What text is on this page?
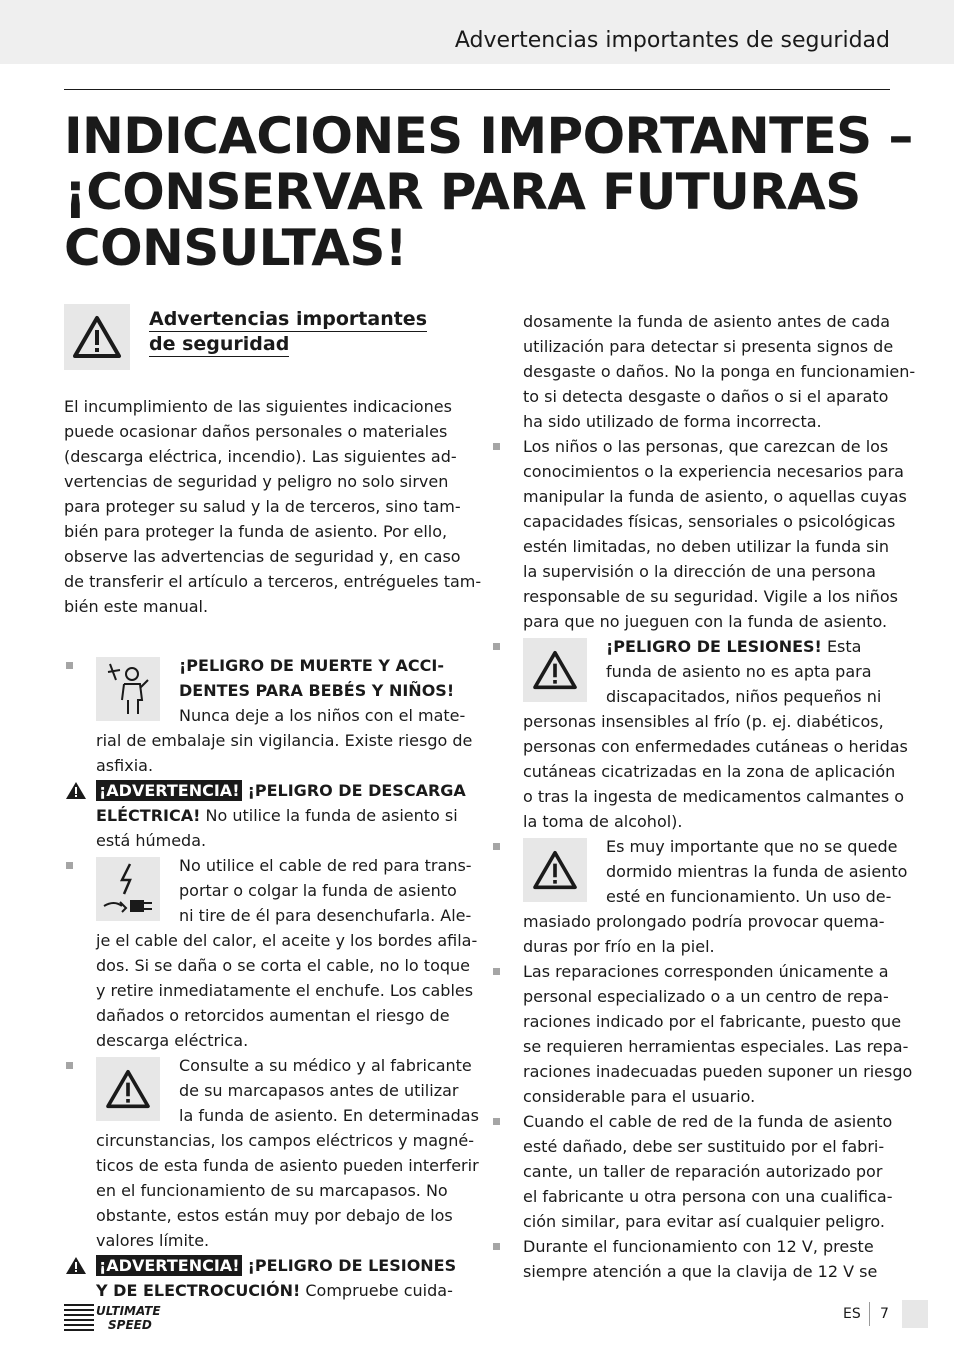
Advertencias importantes de seguridad
INDICACIONES IMPORTANTES –
¡CONSERVAR PARA FUTURAS
CONSULTAS!
Advertencias importantes
de seguridad
El incumplimiento de las siguientes indicaciones
puede ocasionar daños personales o materiales
(descarga eléctrica, incendio). Las siguientes ad-
vertencias de seguridad y peligro no solo sirven
para proteger su salud y la de terceros, sino tam-
bién para proteger la funda de asiento. Por ello,
observe las advertencias de seguridad y, en caso
de transferir el artículo a terceros, entrégueles tam-
bién este manual.
¡PELIGRO DE MUERTE Y ACCI-
DENTES PARA BEBÉS Y NIÑOS!
Nunca deje a los niños con el mate-
rial de embalaje sin vigilancia. Existe riesgo de
asfixia.
¡ADVERTENCIA! ¡PELIGRO DE DESCARGA
ELÉCTRICA! No utilice la funda de asiento si
está húmeda.
No utilice el cable de red para trans-
portar o colgar la funda de asiento
ni tire de él para desenchufarla. Ale-
je el cable del calor, el aceite y los bordes afila-
dos. Si se daña o se corta el cable, no lo toque
y retire inmediatamente el enchufe. Los cables
dañados o retorcidos aumentan el riesgo de
descarga eléctrica.
Consulte a su médico y al fabricante
de su marcapasos antes de utilizar
la funda de asiento. En determinadas
circunstancias, los campos eléctricos y magné-
ticos de esta funda de asiento pueden interferir
en el funcionamiento de su marcapasos. No
obstante, estos están muy por debajo de los
valores límite.
¡ADVERTENCIA! ¡PELIGRO DE LESIONES
Y DE ELECTROCUCIÓN! Compruebe cuida-
dosamente la funda de asiento antes de cada
utilización para detectar si presenta signos de
desgaste o daños. No la ponga en funcionamien-
to si detecta desgaste o daños o si el aparato
ha sido utilizado de forma incorrecta.
Los niños o las personas, que carezcan de los
conocimientos o la experiencia necesarios para
manipular la funda de asiento, o aquellas cuyas
capacidades físicas, sensoriales o psicológicas
estén limitadas, no deben utilizar la funda sin
la supervisión o la dirección de una persona
responsable de su seguridad. Vigile a los niños
para que no jueguen con la funda de asiento.
¡PELIGRO DE LESIONES! Esta
funda de asiento no es apta para
discapacitados, niños pequeños ni
personas insensibles al frío (p. ej. diabéticos,
personas con enfermedades cutáneas o heridas
cutáneas cicatrizadas en la zona de aplicación
o tras la ingesta de medicamentos calmantes o
la toma de alcohol).
Es muy importante que no se quede
dormido mientras la funda de asiento
esté en funcionamiento. Un uso de-
masiado prolongado podría provocar quema-
duras por frío en la piel.
Las reparaciones corresponden únicamente a
personal especializado o a un centro de repa-
raciones indicado por el fabricante, puesto que
se requieren herramientas especiales. Las repa-
raciones inadecuadas pueden suponer un riesgo
considerable para el usuario.
Cuando el cable de red de la funda de asiento
esté dañado, debe ser sustituido por el fabri-
cante, un taller de reparación autorizado por
el fabricante u otra persona con una cualifica-
ción similar, para evitar así cualquier peligro.
Durante el funcionamiento con 12 V, preste
siempre atención a que la clavija de 12 V se
ULTIMATE
SPEED
ES 7
